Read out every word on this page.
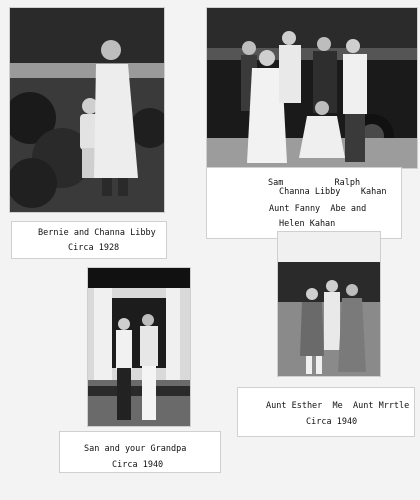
Bernie and Channa Libby
Circa 1928
Sam          Ralph
Channa Libby    Kahan
Aunt Fanny  Abe and
Helen Kahan
San and your Grandpa
Circa 1940
Aunt Esther  Me  Aunt Mrrtle
Circa 1940
